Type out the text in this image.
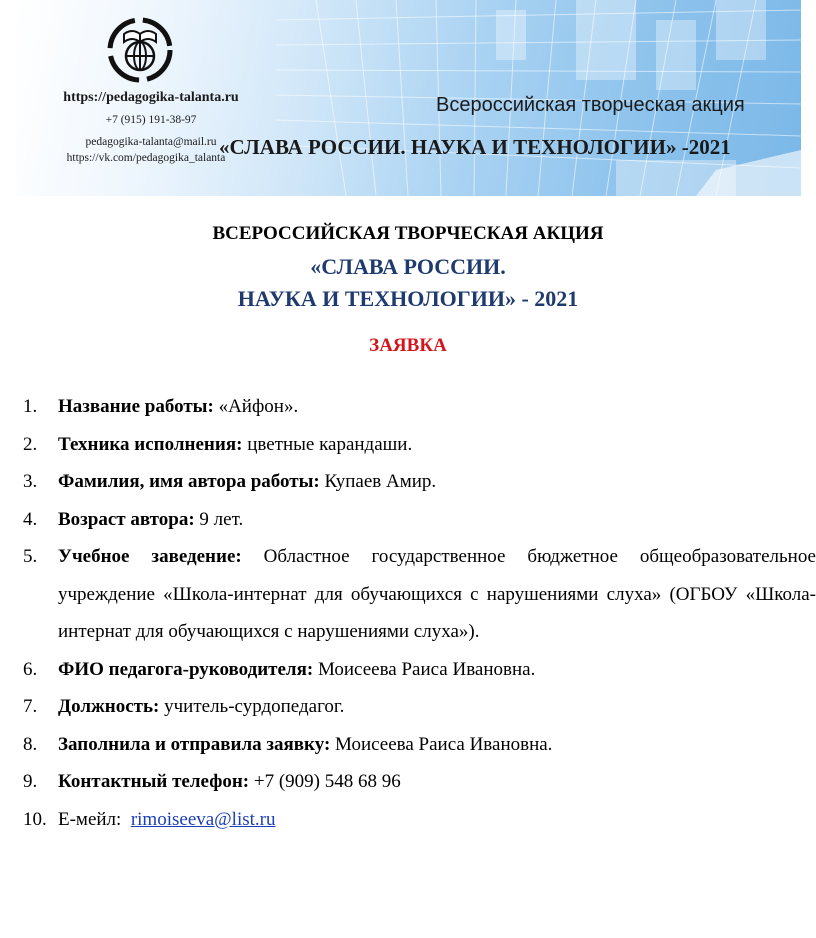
https://pedagogika-talanta.ru
+7 (915) 191-38-97
pedagogika-talanta@mail.ru
https://vk.com/pedagogika_talanta
Всероссийская творческая акция
«СЛАВА РОССИИ. НАУКА И ТЕХНОЛОГИИ» -2021
ВСЕРОССИЙСКАЯ ТВОРЧЕСКАЯ АКЦИЯ
«СЛАВА РОССИИ.
НАУКА И ТЕХНОЛОГИИ» - 2021
ЗАЯВКА
1. Название работы: «Айфон».
2. Техника исполнения: цветные карандаши.
3. Фамилия, имя автора работы: Купаев Амир.
4. Возраст автора: 9 лет.
5. Учебное заведение: Областное государственное бюджетное общеобразовательное учреждение «Школа-интернат для обучающихся с нарушениями слуха» (ОГБОУ «Школа-интернат для обучающихся с нарушениями слуха»).
6. ФИО педагога-руководителя: Моисеева Раиса Ивановна.
7. Должность: учитель-сурдопедагог.
8. Заполнила и отправила заявку: Моисеева Раиса Ивановна.
9. Контактный телефон: +7 (909) 548 68 96
10. Е-мейл: rimoiseeva@list.ru
